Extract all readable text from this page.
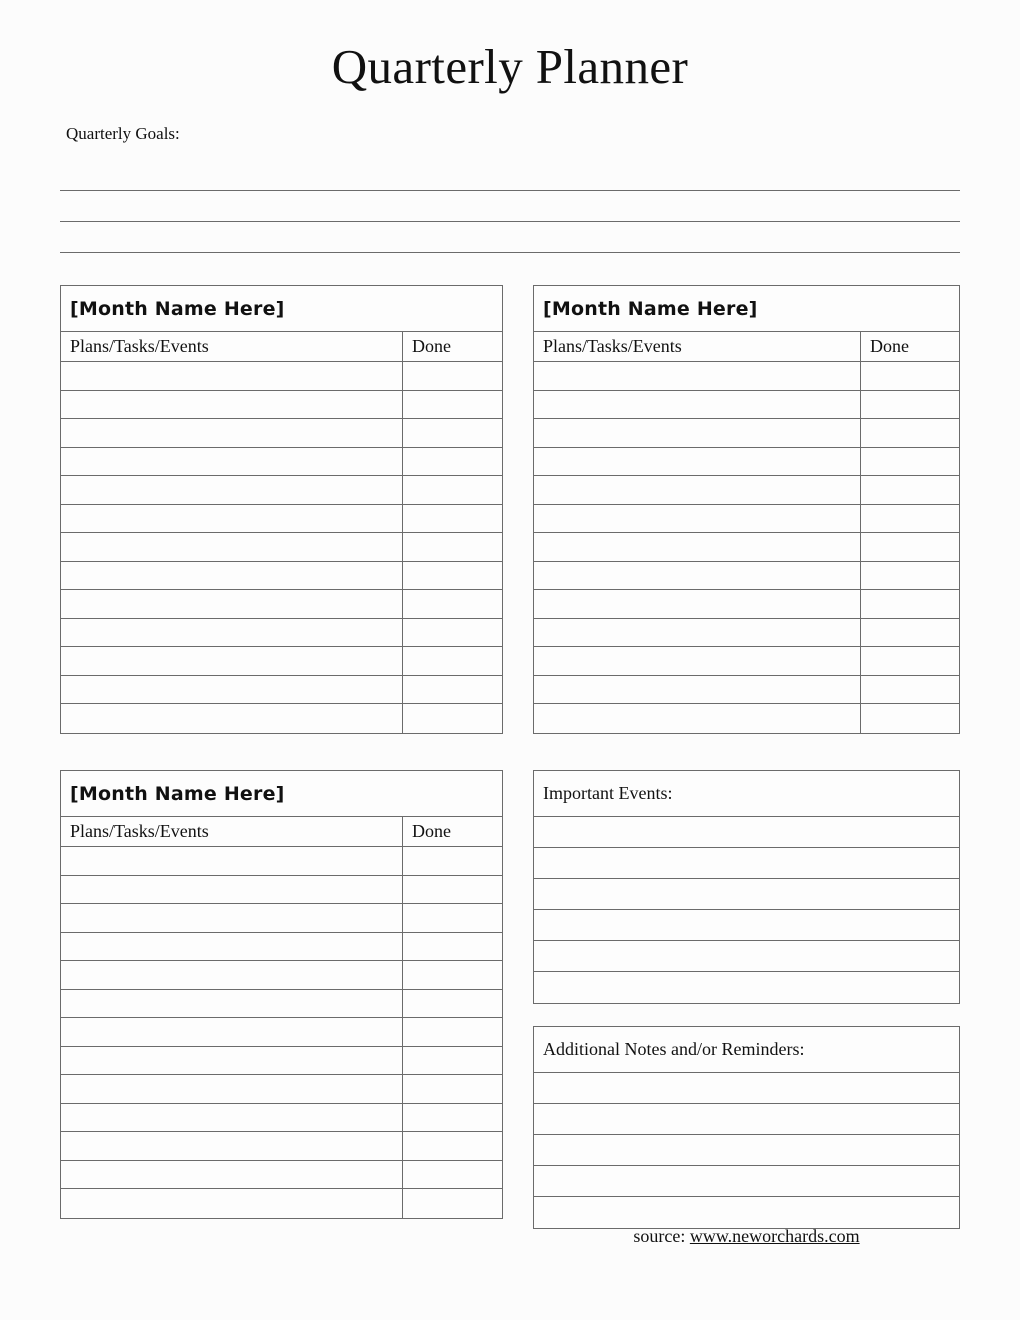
Quarterly Planner
Quarterly Goals:
[Month Name Here]
Plans/Tasks/Events	Done
[Month Name Here]
Plans/Tasks/Events	Done
[Month Name Here]
Plans/Tasks/Events	Done
Important Events:
Additional Notes and/or Reminders:
source: www.neworchards.com
